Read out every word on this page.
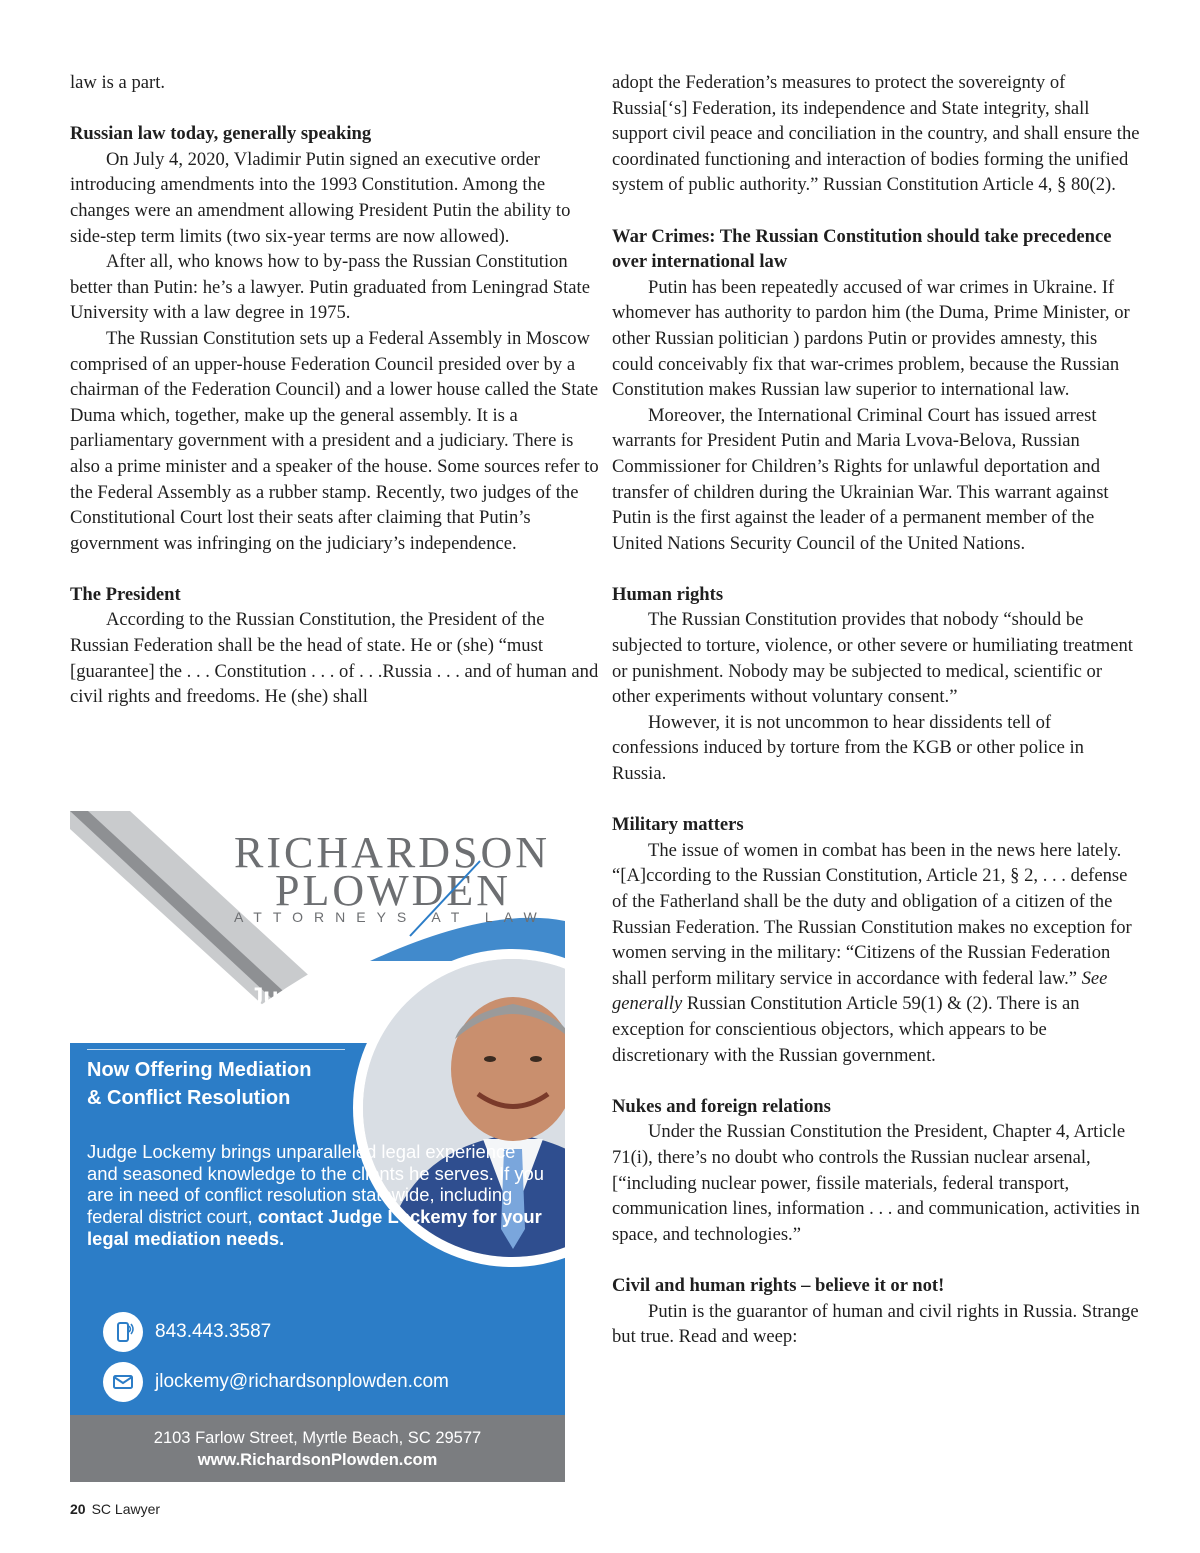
law is a part.

Russian law today, generally speaking

On July 4, 2020, Vladimir Putin signed an executive order introducing amendments into the 1993 Constitution. Among the changes were an amendment allowing President Putin the ability to side-step term limits (two six-year terms are now allowed).

After all, who knows how to by-pass the Russian Constitution better than Putin: he’s a lawyer. Putin graduated from Leningrad State University with a law degree in 1975.

The Russian Constitution sets up a Federal Assembly in Moscow comprised of an upper-house Federation Council presided over by a chairman of the Federation Council) and a lower house called the State Duma which, together, make up the general assembly. It is a parliamentary government with a president and a judiciary. There is also a prime minister and a speaker of the house. Some sources refer to the Federal Assembly as a rubber stamp. Recently, two judges of the Constitutional Court lost their seats after claiming that Putin’s government was infringing on the judiciary’s independence.

The President

According to the Russian Constitution, the President of the Russian Federation shall be the head of state. He or (she) “must [guarantee] the . . . Constitution . . . of . . .Russia . . . and of human and civil rights and freedoms. He (she) shall

adopt the Federation’s measures to protect the sovereignty of Russia[‘s] Federation, its independence and State integrity, shall support civil peace and conciliation in the country, and shall ensure the coordinated functioning and interaction of bodies forming the unified system of public authority.” Russian Constitution Article 4, § 80(2).

War Crimes: The Russian Constitution should take precedence over international law

Putin has been repeatedly accused of war crimes in Ukraine. If whomever has authority to pardon him (the Duma, Prime Minister, or other Russian politician ) pardons Putin or provides amnesty, this could conceivably fix that war-crimes problem, because the Russian Constitution makes Russian law superior to international law.

Moreover, the International Criminal Court has issued arrest warrants for President Putin and Maria Lvova-Belova, Russian Commissioner for Children’s Rights for unlawful deportation and transfer of children during the Ukrainian War. This warrant against Putin is the first against the leader of a permanent member of the United Nations Security Council of the United Nations.

Human rights

The Russian Constitution provides that nobody “should be subjected to torture, violence, or other severe or humiliating treatment or punishment. Nobody may be subjected to medical, scientific or other experiments without voluntary consent.”

However, it is not uncommon to hear dissidents tell of confessions induced by torture from the KGB or other police in Russia.

Military matters

The issue of women in combat has been in the news here lately. “[A]ccording to the Russian Constitution, Article 21, § 2, . . . defense of the Fatherland shall be the duty and obligation of a citizen of the Russian Federation. The Russian Constitution makes no exception for women serving in the military: “Citizens of the Russian Federation shall perform military service in accordance with federal law.” See generally Russian Constitution Article 59(1) & (2). There is an exception for conscientious objectors, which appears to be discretionary with the Russian government.

Nukes and foreign relations

Under the Russian Constitution the President, Chapter 4, Article 71(i), there’s no doubt who controls the Russian nuclear arsenal, [“including nuclear power, fissile materials, federal transport, communication lines, information . . . and communication, activities in space, and technologies.”

Civil and human rights – believe it or not!

Putin is the guarantor of human and civil rights in Russia. Strange but true. Read and weep:

RICHARDSON
PLOWDEN
ATTORNEYS AT LAW
Retired Chief Judge
James E. Lockemy
Now Offering Mediation
& Conflict Resolution
Judge Lockemy brings unparalleled legal experience and seasoned knowledge to the clients he serves. If you are in need of conflict resolution statewide, including federal district court, contact Judge Lockemy for your legal mediation needs.
843.443.3587
jlockemy@richardsonplowden.com
2103 Farlow Street, Myrtle Beach, SC 29577
www.RichardsonPlowden.com
20 SC Lawyer
